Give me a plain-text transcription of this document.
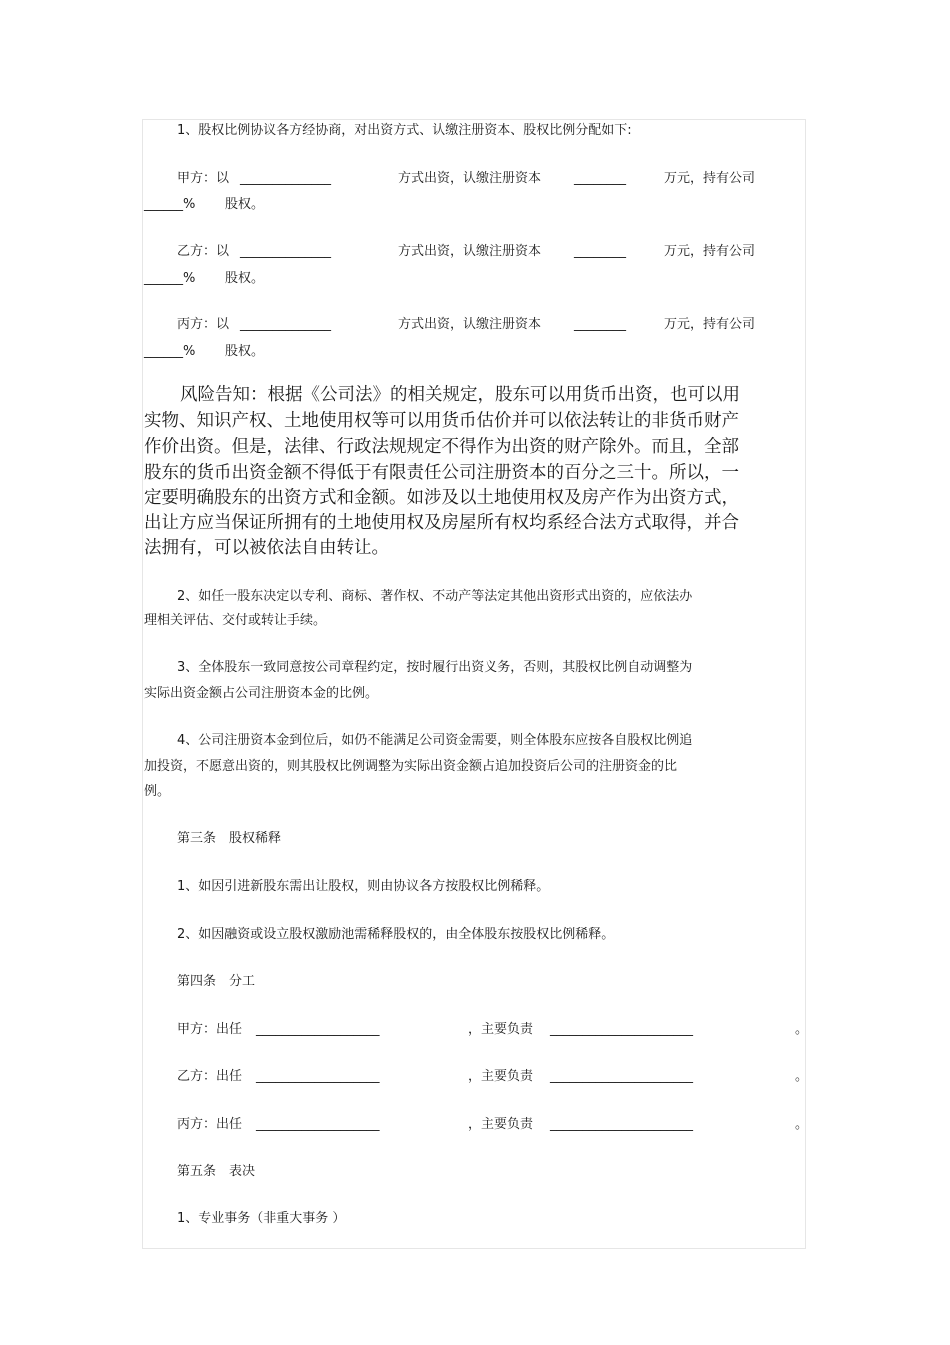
1、股权比例协议各方经协商，对出资方式、认缴注册资本、股权比例分配如下:
甲方：以 ______________	方式出资，认缴注册资本	________	万元，持有公司
______% 股权。
乙方：以 ______________	方式出资，认缴注册资本	________	万元，持有公司
______% 股权。
丙方：以 ______________	方式出资，认缴注册资本	________	万元，持有公司
______% 股权。
风险告知：根据《公司法》的相关规定，股东可以用货币出资，也可以用
实物、知识产权、土地使用权等可以用货币估价并可以依法转让的非货币财产
作价出资。但是，法律、行政法规规定不得作为出资的财产除外。而且，全部
股东的货币出资金额不得低于有限责任公司注册资本的百分之三十。所以，一
定要明确股东的出资方式和金额。如涉及以土地使用权及房产作为出资方式，
出让方应当保证所拥有的土地使用权及房屋所有权均系经合法方式取得，并合
法拥有，可以被依法自由转让。
2、如任一股东决定以专利、商标、著作权、不动产等法定其他出资形式出资的，应依法办
理相关评估、交付或转让手续。
3、全体股东一致同意按公司章程约定，按时履行出资义务，否则，其股权比例自动调整为
实际出资金额占公司注册资本金的比例。
4、公司注册资本金到位后，如仍不能满足公司资金需要，则全体股东应按各自股权比例追
加投资，不愿意出资的，则其股权比例调整为实际出资金额占追加投资后公司的注册资金的比
例。
第三条　股权稀释
1、如因引进新股东需出让股权，则由协议各方按股权比例稀释。
2、如因融资或设立股权激励池需稀释股权的，由全体股东按股权比例稀释。
第四条　分工
甲方：出任 ___________________	，主要负责 ______________________	。
乙方：出任 ___________________	，主要负责 ______________________	。
丙方：出任 ___________________	，主要负责 ______________________	。
第五条　表决
1、专业事务（非重大事务 ）
